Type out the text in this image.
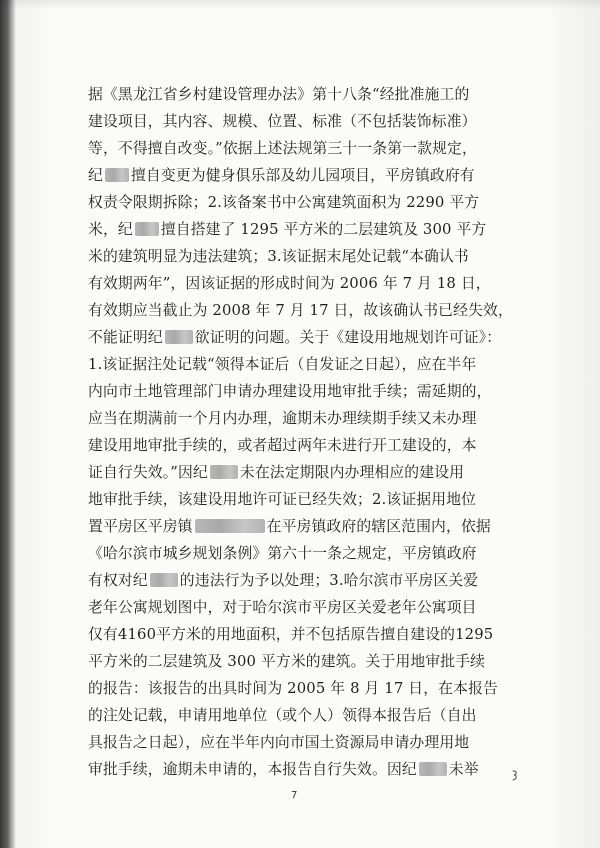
据《黑龙江省乡村建设管理办法》第十八条“经批准施工的
建设项目，其内容、规模、位置、标准（不包括装饰标准）
等，不得擅自改变。”依据上述法规第三十一条第一款规定，
纪 擅自变更为健身俱乐部及幼儿园项目，平房镇政府有
权责令限期拆除；2.该备案书中公寓建筑面积为 2290 平方
米，纪 擅自搭建了 1295 平方米的二层建筑及 300 平方
米的建筑明显为违法建筑；3.该证据末尾处记载“本确认书
有效期两年”，因该证据的形成时间为 2006 年 7 月 18 日，
有效期应当截止为 2008 年 7 月 17 日，故该确认书已经失效，
不能证明纪 欲证明的问题。关于《建设用地规划许可证》：
1.该证据注处记载“领得本证后（自发证之日起），应在半年
内向市土地管理部门申请办理建设用地审批手续；需延期的，
应当在期满前一个月内办理，逾期未办理续期手续又未办理
建设用地审批手续的，或者超过两年未进行开工建设的，本
证自行失效。”因纪 未在法定期限内办理相应的建设用
地审批手续，该建设用地许可证已经失效；2.该证据用地位
置平房区平房镇	在平房镇政府的辖区范围内，依据
《哈尔滨市城乡规划条例》第六十一条之规定，平房镇政府
有权对纪 的违法行为予以处理；3.哈尔滨市平房区关爱
老年公寓规划图中，对于哈尔滨市平房区关爱老年公寓项目
仅有4160平方米的用地面积，并不包括原告擅自建设的1295
平方米的二层建筑及 300 平方米的建筑。关于用地审批手续
的报告：该报告的出具时间为 2005 年 8 月 17 日，在本报告
的注处记载，申请用地单位（或个人）领得本报告后（自出
具报告之日起），应在半年内向市国土资源局申请办理用地
审批手续，逾期未申请的，本报告自行失效。因纪 未举
7
